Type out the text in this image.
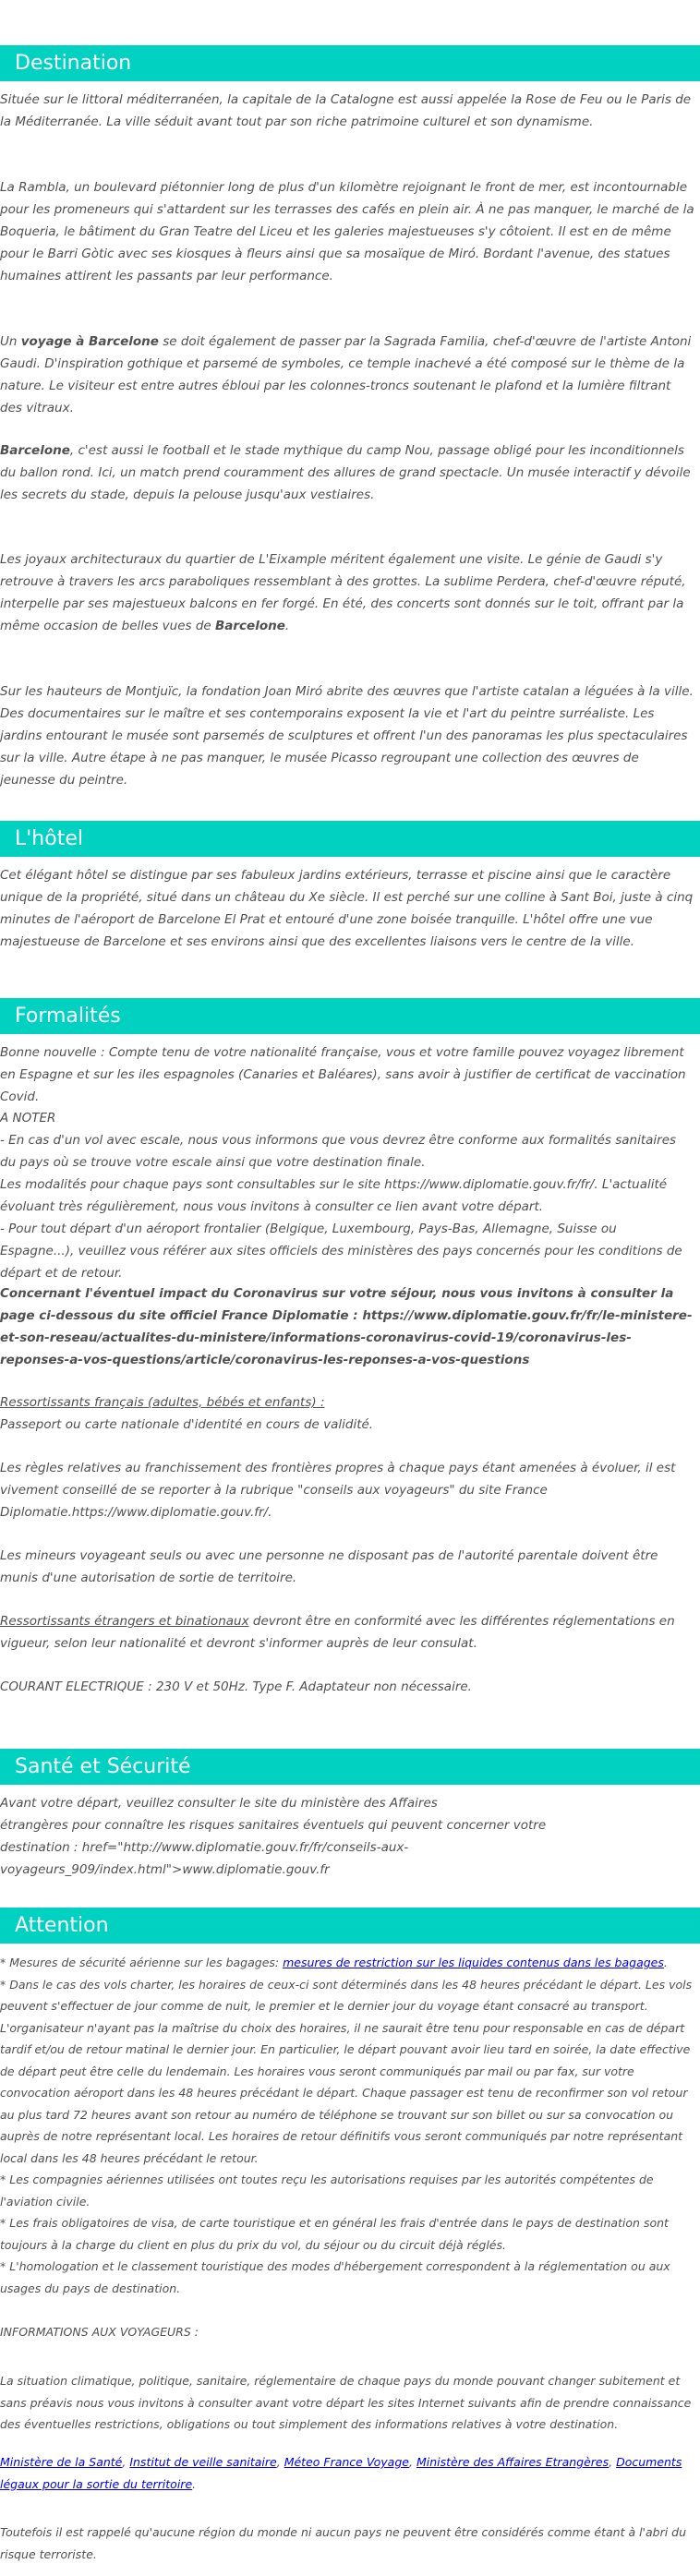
Destination

Située sur le littoral méditerranéen, la capitale de la Catalogne est aussi appelée la Rose de Feu ou le Paris de la Méditerranée. La ville séduit avant tout par son riche patrimoine culturel et son dynamisme.

La Rambla, un boulevard piétonnier long de plus d'un kilomètre rejoignant le front de mer, est incontournable pour les promeneurs qui s'attardent sur les terrasses des cafés en plein air. À ne pas manquer, le marché de la Boqueria, le bâtiment du Gran Teatre del Liceu et les galeries majestueuses s'y côtoient. Il est en de même pour le Barri Gòtic avec ses kiosques à fleurs ainsi que sa mosaïque de Miró. Bordant l'avenue, des statues humaines attirent les passants par leur performance.

Un voyage à Barcelone se doit également de passer par la Sagrada Familia, chef-d'œuvre de l'artiste Antoni Gaudi. D'inspiration gothique et parsemé de symboles, ce temple inachevé a été composé sur le thème de la nature. Le visiteur est entre autres ébloui par les colonnes-troncs soutenant le plafond et la lumière filtrant des vitraux.

Barcelone, c'est aussi le football et le stade mythique du camp Nou, passage obligé pour les inconditionnels du ballon rond. Ici, un match prend couramment des allures de grand spectacle. Un musée interactif y dévoile les secrets du stade, depuis la pelouse jusqu'aux vestiaires.

Les joyaux architecturaux du quartier de L'Eixample méritent également une visite. Le génie de Gaudi s'y retrouve à travers les arcs paraboliques ressemblant à des grottes. La sublime Perdera, chef-d'œuvre réputé, interpelle par ses majestueux balcons en fer forgé. En été, des concerts sont donnés sur le toit, offrant par la même occasion de belles vues de Barcelone.

Sur les hauteurs de Montjuïc, la fondation Joan Miró abrite des œuvres que l'artiste catalan a léguées à la ville. Des documentaires sur le maître et ses contemporains exposent la vie et l'art du peintre surréaliste. Les jardins entourant le musée sont parsemés de sculptures et offrent l'un des panoramas les plus spectaculaires sur la ville. Autre étape à ne pas manquer, le musée Picasso regroupant une collection des œuvres de jeunesse du peintre.

L'hôtel

Cet élégant hôtel se distingue par ses fabuleux jardins extérieurs, terrasse et piscine ainsi que le caractère unique de la propriété, situé dans un château du Xe siècle. Il est perché sur une colline à Sant Boi, juste à cinq minutes de l'aéroport de Barcelone El Prat et entouré d'une zone boisée tranquille. L'hôtel offre une vue majestueuse de Barcelone et ses environs ainsi que des excellentes liaisons vers le centre de la ville.

Formalités

Bonne nouvelle : Compte tenu de votre nationalité française, vous et votre famille pouvez voyagez librement en Espagne et sur les iles espagnoles (Canaries et Baléares), sans avoir à justifier de certificat de vaccination Covid.

A NOTER

- En cas d'un vol avec escale, nous vous informons que vous devrez être conforme aux formalités sanitaires du pays où se trouve votre escale ainsi que votre destination finale.

Les modalités pour chaque pays sont consultables sur le site https://www.diplomatie.gouv.fr/fr/. L'actualité évoluant très régulièrement, nous vous invitons à consulter ce lien avant votre départ.

- Pour tout départ d'un aéroport frontalier (Belgique, Luxembourg, Pays-Bas, Allemagne, Suisse ou Espagne...), veuillez vous référer aux sites officiels des ministères des pays concernés pour les conditions de départ et de retour.

Concernant l'éventuel impact du Coronavirus sur votre séjour, nous vous invitons à consulter la page ci-dessous du site officiel France Diplomatie : https://www.diplomatie.gouv.fr/fr/le-ministere-et-son-reseau/actualites-du-ministere/informations-coronavirus-covid-19/coronavirus-les-reponses-a-vos-questions/article/coronavirus-les-reponses-a-vos-questions

Ressortissants français (adultes, bébés et enfants) :

Passeport ou carte nationale d'identité en cours de validité.

Les règles relatives au franchissement des frontières propres à chaque pays étant amenées à évoluer, il est vivement conseillé de se reporter à la rubrique "conseils aux voyageurs" du site France Diplomatie.https://www.diplomatie.gouv.fr/.

Les mineurs voyageant seuls ou avec une personne ne disposant pas de l'autorité parentale doivent être munis d'une autorisation de sortie de territoire.

Ressortissants étrangers et binationaux devront être en conformité avec les différentes réglementations en vigueur, selon leur nationalité et devront s'informer auprès de leur consulat.

COURANT ELECTRIQUE : 230 V et 50Hz. Type F. Adaptateur non nécessaire.

Santé et Sécurité

Avant votre départ, veuillez consulter le site du ministère des Affaires

étrangères pour connaître les risques sanitaires éventuels qui peuvent concerner votre

destination : href="http://www.diplomatie.gouv.fr/fr/conseils-aux-voyageurs_909/index.html">www.diplomatie.gouv.fr

Attention

* Mesures de sécurité aérienne sur les bagages: mesures de restriction sur les liquides contenus dans les bagages.

* Dans le cas des vols charter, les horaires de ceux-ci sont déterminés dans les 48 heures précédant le départ. Les vols peuvent s'effectuer de jour comme de nuit, le premier et le dernier jour du voyage étant consacré au transport. L'organisateur n'ayant pas la maîtrise du choix des horaires, il ne saurait être tenu pour responsable en cas de départ tardif et/ou de retour matinal le dernier jour. En particulier, le départ pouvant avoir lieu tard en soirée, la date effective de départ peut être celle du lendemain. Les horaires vous seront communiqués par mail ou par fax, sur votre convocation aéroport dans les 48 heures précédant le départ. Chaque passager est tenu de reconfirmer son vol retour au plus tard 72 heures avant son retour au numéro de téléphone se trouvant sur son billet ou sur sa convocation ou auprès de notre représentant local. Les horaires de retour définitifs vous seront communiqués par notre représentant local dans les 48 heures précédant le retour.

* Les compagnies aériennes utilisées ont toutes reçu les autorisations requises par les autorités compétentes de l'aviation civile.

* Les frais obligatoires de visa, de carte touristique et en général les frais d'entrée dans le pays de destination sont toujours à la charge du client en plus du prix du vol, du séjour ou du circuit déjà réglés.

* L'homologation et le classement touristique des modes d'hébergement correspondent à la réglementation ou aux usages du pays de destination.

INFORMATIONS AUX VOYAGEURS :

La situation climatique, politique, sanitaire, réglementaire de chaque pays du monde pouvant changer subitement et sans préavis nous vous invitons à consulter avant votre départ les sites Internet suivants afin de prendre connaissance des éventuelles restrictions, obligations ou tout simplement des informations relatives à votre destination.

Ministère de la Santé, Institut de veille sanitaire, Méteo France Voyage, Ministère des Affaires Etrangères, Documents légaux pour la sortie du territoire.

Toutefois il est rappelé qu'aucune région du monde ni aucun pays ne peuvent être considérés comme étant à l'abri du risque terroriste.
